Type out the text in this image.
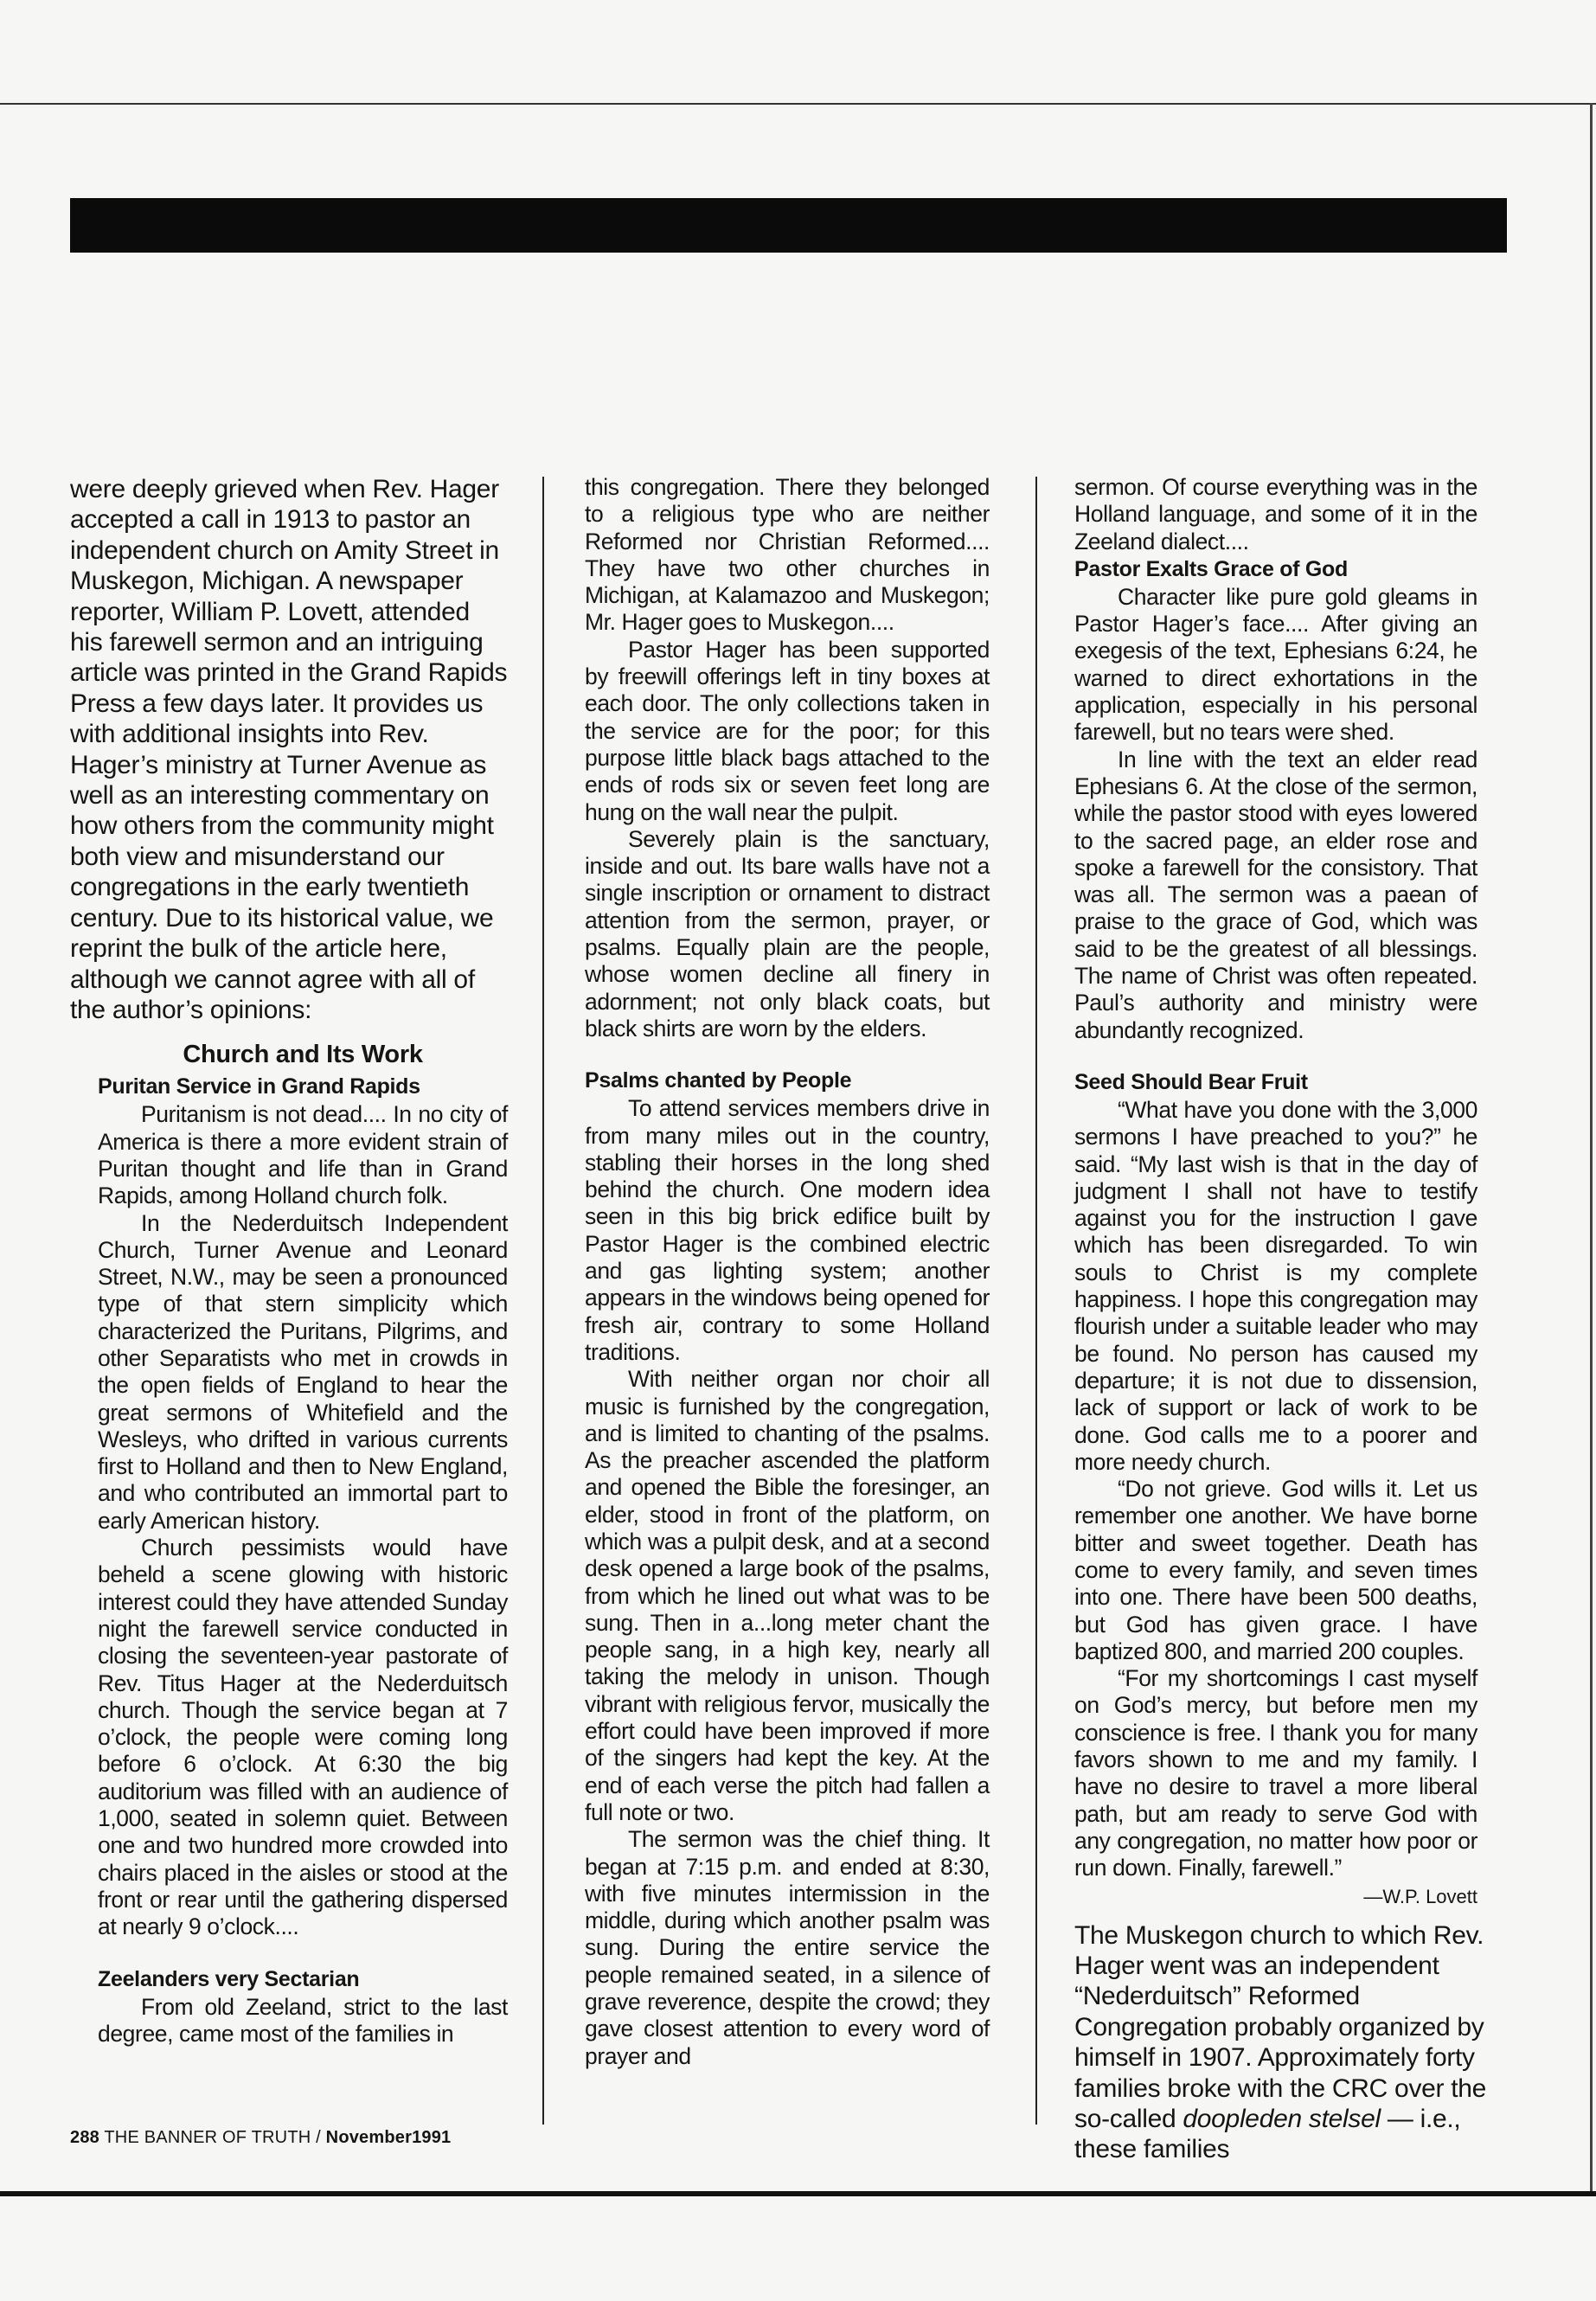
were deeply grieved when Rev. Hager accepted a call in 1913 to pastor an independent church on Amity Street in Muskegon, Michigan. A newspaper reporter, William P. Lovett, attended his farewell sermon and an intriguing article was printed in the Grand Rapids Press a few days later. It provides us with additional insights into Rev. Hager’s ministry at Turner Avenue as well as an interesting commentary on how others from the community might both view and misunderstand our congregations in the early twentieth century. Due to its historical value, we reprint the bulk of the article here, although we cannot agree with all of the author’s opinions:

Church and Its Work
Puritan Service in Grand Rapids

Puritanism is not dead.... In no city of America is there a more evident strain of Puritan thought and life than in Grand Rapids, among Holland church folk.

In the Nederduitsch Independent Church, Turner Avenue and Leonard Street, N.W., may be seen a pronounced type of that stern simplicity which characterized the Puritans, Pilgrims, and other Separatists who met in crowds in the open fields of England to hear the great sermons of Whitefield and the Wesleys, who drifted in various currents first to Holland and then to New England, and who contributed an immortal part to early American history.

Church pessimists would have beheld a scene glowing with historic interest could they have attended Sunday night the farewell service conducted in closing the seventeen-year pastorate of Rev. Titus Hager at the Nederduitsch church. Though the service began at 7 o’clock, the people were coming long before 6 o’clock. At 6:30 the big auditorium was filled with an audience of 1,000, seated in solemn quiet. Between one and two hundred more crowded into chairs placed in the aisles or stood at the front or rear until the gathering dispersed at nearly 9 o’clock....

Zeelanders very Sectarian

From old Zeeland, strict to the last degree, came most of the families in

this congregation. There they belonged to a religious type who are neither Reformed nor Christian Reformed.... They have two other churches in Michigan, at Kalamazoo and Muskegon; Mr. Hager goes to Muskegon....

Pastor Hager has been supported by freewill offerings left in tiny boxes at each door. The only collections taken in the service are for the poor; for this purpose little black bags attached to the ends of rods six or seven feet long are hung on the wall near the pulpit.

Severely plain is the sanctuary, inside and out. Its bare walls have not a single inscription or ornament to distract attention from the sermon, prayer, or psalms. Equally plain are the people, whose women decline all finery in adornment; not only black coats, but black shirts are worn by the elders.

Psalms chanted by People

To attend services members drive in from many miles out in the country, stabling their horses in the long shed behind the church. One modern idea seen in this big brick edifice built by Pastor Hager is the combined electric and gas lighting system; another appears in the windows being opened for fresh air, contrary to some Holland traditions.

With neither organ nor choir all music is furnished by the congregation, and is limited to chanting of the psalms. As the preacher ascended the platform and opened the Bible the foresinger, an elder, stood in front of the platform, on which was a pulpit desk, and at a second desk opened a large book of the psalms, from which he lined out what was to be sung. Then in a...long meter chant the people sang, in a high key, nearly all taking the melody in unison. Though vibrant with religious fervor, musically the effort could have been improved if more of the singers had kept the key. At the end of each verse the pitch had fallen a full note or two.

The sermon was the chief thing. It began at 7:15 p.m. and ended at 8:30, with five minutes intermission in the middle, during which another psalm was sung. During the entire service the people remained seated, in a silence of grave reverence, despite the crowd; they gave closest attention to every word of prayer and

sermon. Of course everything was in the Holland language, and some of it in the Zeeland dialect....

Pastor Exalts Grace of God

Character like pure gold gleams in Pastor Hager’s face.... After giving an exegesis of the text, Ephesians 6:24, he warned to direct exhortations in the application, especially in his personal farewell, but no tears were shed.

In line with the text an elder read Ephesians 6. At the close of the sermon, while the pastor stood with eyes lowered to the sacred page, an elder rose and spoke a farewell for the consistory. That was all. The sermon was a paean of praise to the grace of God, which was said to be the greatest of all blessings. The name of Christ was often repeated. Paul’s authority and ministry were abundantly recognized.

Seed Should Bear Fruit

“What have you done with the 3,000 sermons I have preached to you?” he said. “My last wish is that in the day of judgment I shall not have to testify against you for the instruction I gave which has been disregarded. To win souls to Christ is my complete happiness. I hope this congregation may flourish under a suitable leader who may be found. No person has caused my departure; it is not due to dissension, lack of support or lack of work to be done. God calls me to a poorer and more needy church.

“Do not grieve. God wills it. Let us remember one another. We have borne bitter and sweet together. Death has come to every family, and seven times into one. There have been 500 deaths, but God has given grace. I have baptized 800, and married 200 couples.

“For my shortcomings I cast myself on God’s mercy, but before men my conscience is free. I thank you for many favors shown to me and my family. I have no desire to travel a more liberal path, but am ready to serve God with any congregation, no matter how poor or run down. Finally, farewell.”

—W.P. Lovett

The Muskegon church to which Rev. Hager went was an independent “Nederduitsch” Reformed Congregation probably organized by himself in 1907. Approximately forty families broke with the CRC over the so-called doopleden stelsel — i.e., these families

288 THE BANNER OF TRUTH / November1991
